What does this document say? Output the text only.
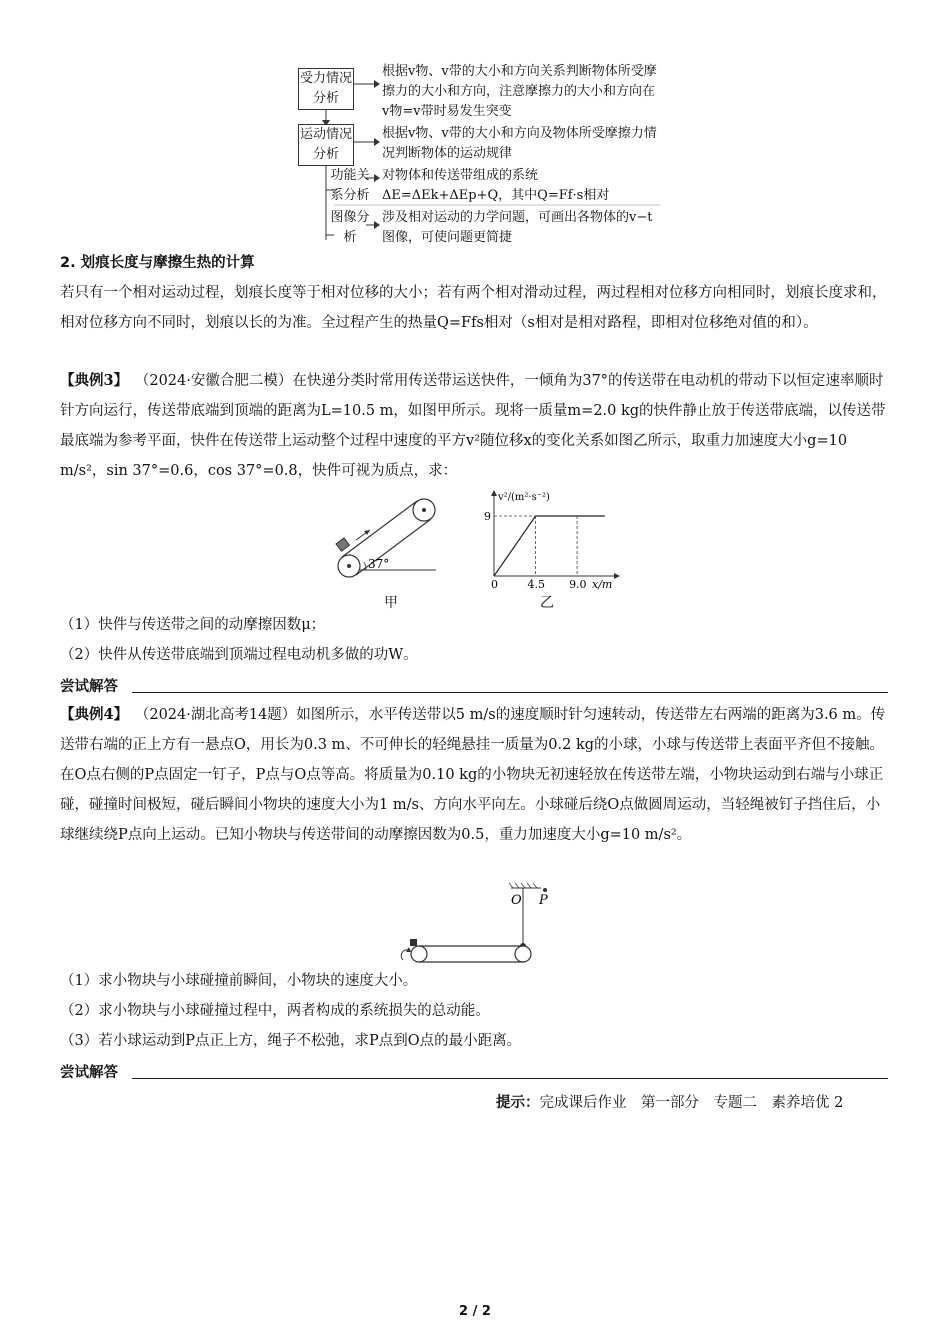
受力情况分析
根据v物、v带的大小和方向关系判断物体所受摩擦力的大小和方向，注意摩擦力的大小和方向在v物=v带时易发生突变
运动情况分析
根据v物、v带的大小和方向及物体所受摩擦力情况判断物体的运动规律
功能关系分析
对物体和传送带组成的系统ΔE=ΔEk+ΔEp+Q，其中Q=Ff·s相对
图像分析
涉及相对运动的力学问题，可画出各物体的v−t图像，可使问题更简捷
2. 划痕长度与摩擦生热的计算
若只有一个相对运动过程，划痕长度等于相对位移的大小；若有两个相对滑动过程，两过程相对位移方向相同时，划痕长度求和，相对位移方向不同时，划痕以长的为准。全过程产生的热量Q=Ffs相对（s相对是相对路程，即相对位移绝对值的和）。
【典例3】 （2024·安徽合肥二模）在快递分类时常用传送带运送快件，一倾角为37°的传送带在电动机的带动下以恒定速率顺时针方向运行，传送带底端到顶端的距离为L=10.5 m，如图甲所示。现将一质量m=2.0 kg的快件静止放于传送带底端，以传送带最底端为参考平面，快件在传送带上运动整个过程中速度的平方v²随位移x的变化关系如图乙所示，取重力加速度大小g=10 m/s²，sin 37°=0.6，cos 37°=0.8，快件可视为质点，求：
37°
甲
v²/(m²·s⁻²)
x/m
0	4.5 9.0
9
乙
（1）快件与传送带之间的动摩擦因数μ；
（2）快件从传送带底端到顶端过程电动机多做的功W。
尝试解答
【典例4】 （2024·湖北高考14题）如图所示，水平传送带以5 m/s的速度顺时针匀速转动，传送带左右两端的距离为3.6 m。传送带右端的正上方有一悬点O，用长为0.3 m、不可伸长的轻绳悬挂一质量为0.2 kg的小球，小球与传送带上表面平齐但不接触。在O点右侧的P点固定一钉子，P点与O点等高。将质量为0.10 kg的小物块无初速轻放在传送带左端，小物块运动到右端与小球正碰，碰撞时间极短，碰后瞬间小物块的速度大小为1 m/s、方向水平向左。小球碰后绕O点做圆周运动，当轻绳被钉子挡住后，小球继续绕P点向上运动。已知小物块与传送带间的动摩擦因数为0.5，重力加速度大小g=10 m/s²。
O P
（1）求小物块与小球碰撞前瞬间，小物块的速度大小。
（2）求小物块与小球碰撞过程中，两者构成的系统损失的总动能。
（3）若小球运动到P点正上方，绳子不松弛，求P点到O点的最小距离。
尝试解答
提示：完成课后作业　第一部分　专题二　素养培优 2
2 / 2
